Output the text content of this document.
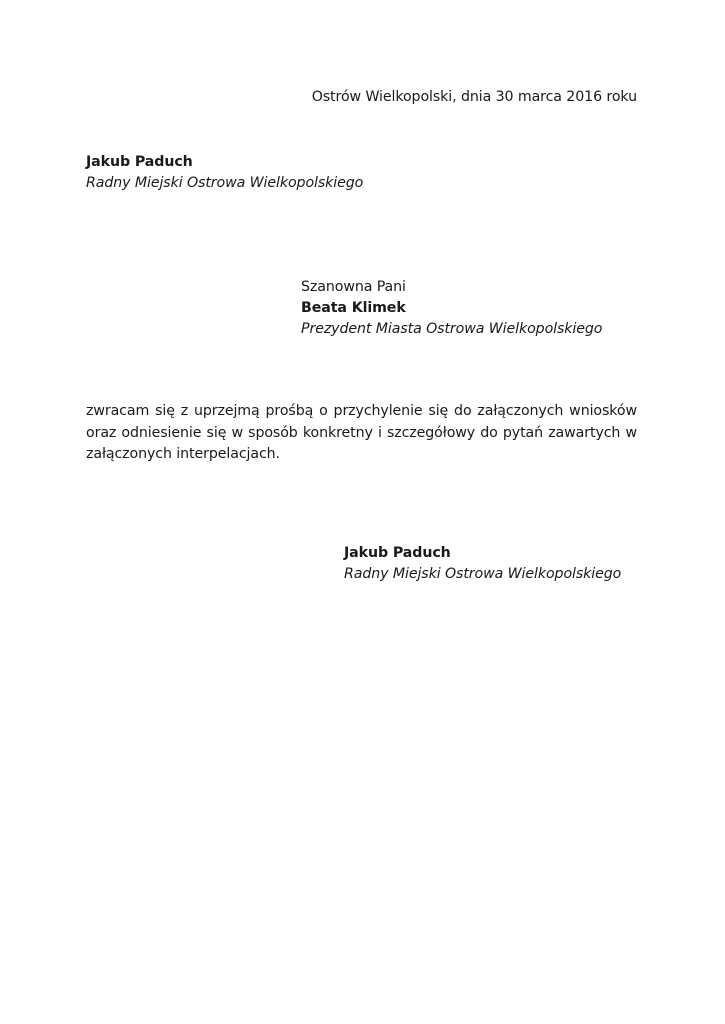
Ostrów Wielkopolski, dnia 30 marca 2016 roku
Jakub Paduch
Radny Miejski Ostrowa Wielkopolskiego
Szanowna Pani
Beata Klimek
Prezydent Miasta Ostrowa Wielkopolskiego
zwracam się z uprzejmą prośbą o przychylenie się do załączonych wniosków oraz odniesienie się w sposób konkretny i szczegółowy do pytań zawartych w załączonych interpelacjach.
Jakub Paduch
Radny Miejski Ostrowa Wielkopolskiego
